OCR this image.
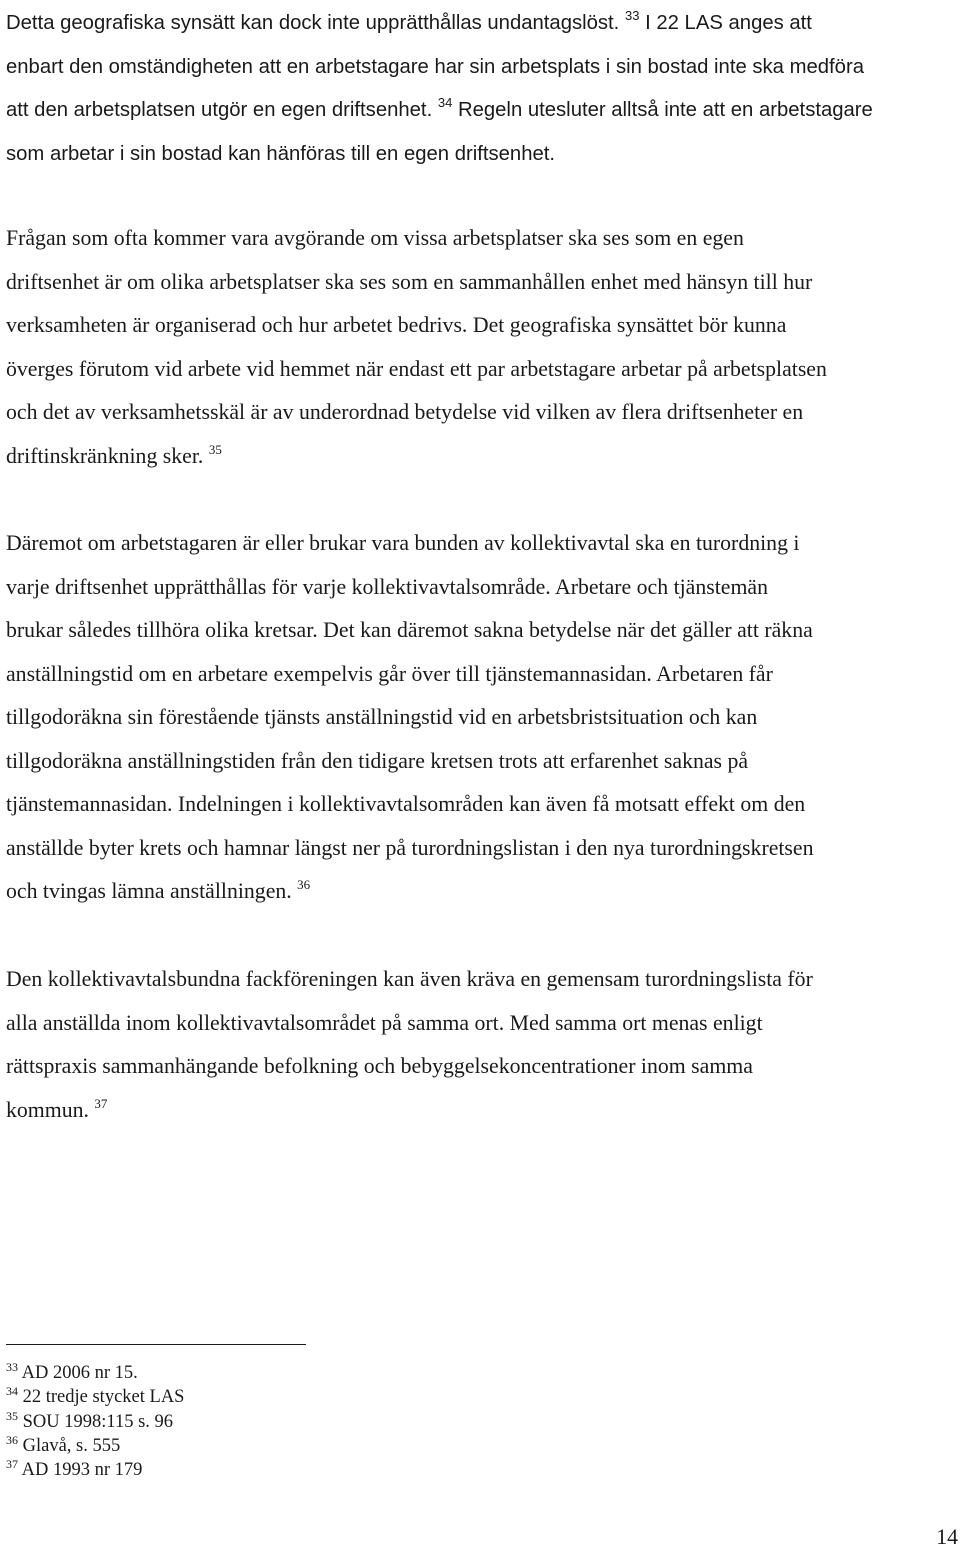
Detta geografiska synsätt kan dock inte upprätthållas undantagslöst. $^{33}$ I 22 LAS anges att
enbart den omständigheten att en arbetstagare har sin arbetsplats i sin bostad inte ska medföra
att den arbetsplatsen utgör en egen driftsenhet. $^{34}$ Regeln utesluter alltså inte att en arbetstagare
som arbetar i sin bostad kan hänföras till en egen driftsenhet.
Frågan som ofta kommer vara avgörande om vissa arbetsplatser ska ses som en egen
driftsenhet är om olika arbetsplatser ska ses som en sammanhållen enhet med hänsyn till hur
verksamheten är organiserad och hur arbetet bedrivs. Det geografiska synsättet bör kunna
överges förutom vid arbete vid hemmet när endast ett par arbetstagare arbetar på arbetsplatsen
och det av verksamhetsskäl är av underordnad betydelse vid vilken av flera driftsenheter en
driftinskränkning sker. $^{35}$
Däremot om arbetstagaren är eller brukar vara bunden av kollektivavtal ska en turordning i
varje driftsenhet upprätthållas för varje kollektivavtalsområde. Arbetare och tjänstemän
brukar således tillhöra olika kretsar. Det kan däremot sakna betydelse när det gäller att räkna
anställningstid om en arbetare exempelvis går över till tjänstemannasidan. Arbetaren får
tillgodoräkna sin förestående tjänsts anställningstid vid en arbetsbristsituation och kan
tillgodoräkna anställningstiden från den tidigare kretsen trots att erfarenhet saknas på
tjänstemannasidan. Indelningen i kollektivavtalsområden kan även få motsatt effekt om den
anställde byter krets och hamnar längst ner på turordningslistan i den nya turordningskretsen
och tvingas lämna anställningen. $^{36}$
Den kollektivavtalsbundna fackföreningen kan även kräva en gemensam turordningslista för
alla anställda inom kollektivavtalsområdet på samma ort. Med samma ort menas enligt
rättspraxis sammanhängande befolkning och bebyggelsekoncentrationer inom samma
kommun. $^{37}$
$^{33}$ AD 2006 nr 15.
$^{34}$ 22 tredje stycket LAS
$^{35}$ SOU 1998:115 s. 96
$^{36}$ Glavå, s. 555
$^{37}$ AD 1993 nr 179
14
